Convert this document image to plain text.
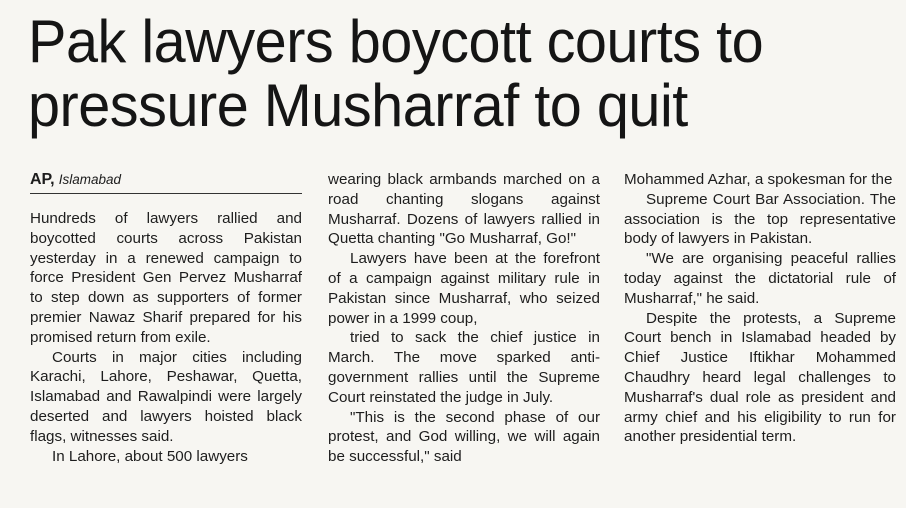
Pak lawyers boycott courts to
pressure Musharraf to quit
AP, Islamabad

Hundreds of lawyers rallied and boycotted courts across Pakistan yesterday in a renewed campaign to force President Gen Pervez Musharraf to step down as supporters of former premier Nawaz Sharif prepared for his promised return from exile.

Courts in major cities including Karachi, Lahore, Peshawar, Quetta, Islamabad and Rawalpindi were largely deserted and lawyers hoisted black flags, witnesses said.

In Lahore, about 500 lawyers

wearing black armbands marched on a road chanting slogans against Musharraf. Dozens of lawyers rallied in Quetta chanting "Go Musharraf, Go!"

Lawyers have been at the forefront of a campaign against military rule in Pakistan since Musharraf, who seized power in a 1999 coup,

tried to sack the chief justice in March. The move sparked anti-government rallies until the Supreme Court reinstated the judge in July.

"This is the second phase of our protest, and God willing, we will again be successful," said

Mohammed Azhar, a spokesman for the

Supreme Court Bar Association. The association is the top representative body of lawyers in Pakistan.

"We are organising peaceful rallies today against the dictatorial rule of Musharraf," he said.

Despite the protests, a Supreme Court bench in Islamabad headed by Chief Justice Iftikhar Mohammed Chaudhry heard legal challenges to Musharraf's dual role as president and army chief and his eligibility to run for another presidential term.
